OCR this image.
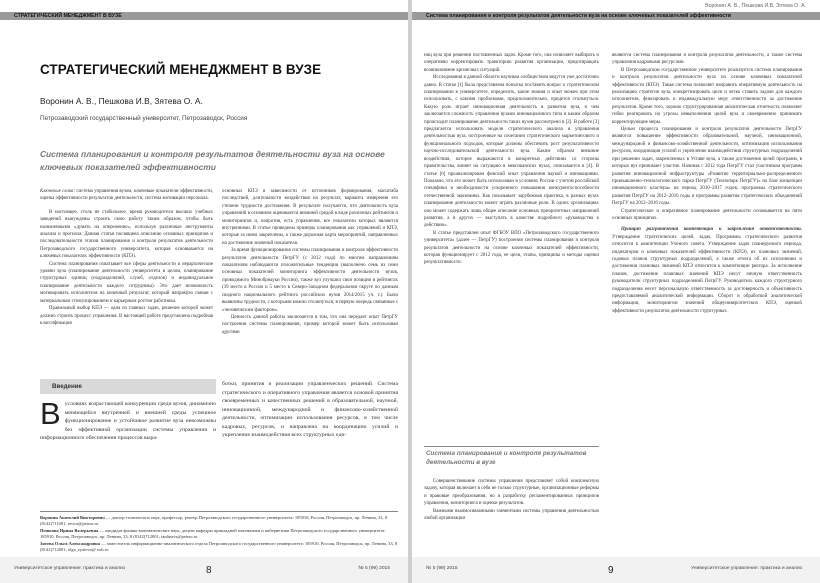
СТРАТЕГИЧЕСКИЙ МЕНЕДЖМЕНТ В ВУЗЕ
СТРАТЕГИЧЕСКИЙ МЕНЕДЖМЕНТ В ВУЗЕ
Воронин А. В., Пешкова И.В, Зятева О. А.
Петрозаводский государственный университет, Петрозаводск, Россия
Система планирования и контроля результатов деятельности вуза на основе ключевых показателей эффективности

Ключевые слова: система управления вузом, ключевые показатели эффективности, оценка эффективности результатов деятельности, система мотивации персонала.

В настоящее, столь не стабильное, время руководители высших учебных заведений вынуждены строить свою работу таким образом, чтобы быть назначенными «думать на опережение», используя различные инструменты анализа и прогноза. Данная статья посвящена описанию основных принципов и последовательности этапов планирования и контроля результатов деятельности Петрозаводского государственного университета, которая основывается на ключевых показателях эффективности (КПЭ).

Система планирования охватывает все сферы деятельности и иерархические уровни вуза (планирование деятельности университета в целом, планирование структурных единиц (подразделений, служб, отделов) и индивидуальное планирование деятельности каждого сотрудника). Это дает возможность мотивировать исполнителя на конечный результат, который напрямую связан с материальным стимулированием и карьерным ростом работника.

Правильный выбор КПЭ — одна из главных задач, решение которой может должно строить процесс управления. В настоящей работе представлена подробная классификация

основных КПЭ в зависимости от источников формирования, масштаба последствий, длительности воздействия на результат, варианта измерения его степени трудности достижения. В результате получается, что деятельность вуза управлений в основном оценивается внешней средой в виде различных рейтингов и мониторингов и, напротив, есть управления, все показатели которых являются внутренними. В статье приведены примеры планирования как управлений и КПЭ, которые за ними закреплены, а также дорожная карта мероприятий, направленных на достижение значений показателя.

За время функционирования системы планирования и контроля эффективности результатов деятельности ПетрГУ (с 2012 года) по многим направлениям показателям наблюдаются положительные тенденции (выполнено семь из семи основных показателей мониторинга эффективности деятельности вузов, проводимого Минобрнауки России), также вуз улучшил свои позиции в рейтингах (39 место в России и 5 место в Северо-Западном федеральном округе по данным сводного национального рейтинга российских вузов 2014/2015 уч. г.). Были выявлены трудности, с которыми можно столкнуться, в первую очередь связанные с «человеческим фактором».

Ценность данной работы заключается в том, что она передает опыт ПетрГУ построения системы планирования, пример которой может быть использован другими

Введение
В условиях возрастающей конкуренции среди вузов, динамично меняющейся внутренней и внешней среды успешное функционирование и устойчивое развитие вуза невозможны без эффективной организации системы управления и информационного обеспечения процессов выра-

ботки, принятия и реализации управленческих решений. Система стратегического и оперативного управления является основой принятия своевременных и качественных решений в образовательной, научной, инновационной, международной и финансово-хозяйственной деятельности, оптимизации использования ресурсов, в том числе кадровых, ресурсов, и направлена на координацию усилий и укрепление взаимодействия всех структурных еди-

Воронин Анатолий Викторович — доктор технических наук, профессор, ректор Петрозаводского государственного университета: 185910, Россия, Петрозаводск, пр. Ленина, 33, 8 (8142)711001; rector@petrsu.ru
Пешкова Ирина Валерьевна — кандидат физико-математических наук, доцент кафедры прикладной математики и кибернетики Петрозаводского государственного университета: 185910, Россия, Петрозаводск, пр. Ленина, 33, 8 (8142)712001; ianlinavs@petrsu.ru
Зятева Ольга Александровна — заместитель информационно-аналитического отдела Петрозаводского государственного университета: 185910, Россия, Петрозаводск, пр. Ленина, 33, 8 (8142)712001; olga_zyateva@ rsdi.ru
Университетское управление: практика и анализ	8	№ 5 (99) 2015
Воронин А. В., Пешкова И.В, Зятева О. А.
Система планирования и контроля результатов деятельности вуза на основе ключевых показателей эффективности

ниц вуза при решении поставленных задач. Кроме того, она позволяет выбирать и оперативно корректировать траекторию развития организации, предотвращать возникновение кризисных ситуаций.

Исследования в данной области научным сообществом ведутся уже достаточно давно. В статье [1] была представлена попытка поставить вопрос о стратегическом планировании в университете, определить, какие знания и опыт можно при этом использовать, с какими проблемами, предположительно, придется столкнуться. Какую роль играет инновационная деятельность в развитии вуза, и чем заключается сложность управления вузами инновационного типа и каким образом происходит планирование деятельности таких вузов рассмотрено в [2]. В работе [3] предлагается использовать модели стратегического анализа и управления деятельностью вуза, построенные на сочетании стратегического маркетингового и функционального подходов, которые должны обеспечить рост результативности научно-исследовательской деятельности вуза. Каким образом внешние воздействия, которое выражаются в конкретных действиях со стороны правительства, влияет на ситуацию в мексиканских вузах, описывается в [4]. В статье [6] проанализирован финский опыт управления наукой и инновациями. Показано, что его может быть использован в условиях России с учетом российской специфики и необходимости ускоренного повышения конкурентоспособности отечественной экономики. Как показывает зарубежная практика, в разных вузах планирование деятельности может играть различные роли. В одних организациях оно может содержать лишь общее описание основных приоритетных направлений развития, а в других — выступать в качестве подробного «руководства к действию».

В статье представлен опыт ФГБОУ ВПО «Петрозаводского государственного университета» (далее — ПетрГУ) построения системы планирования и контроля результатов деятельности на основе ключевых показателей эффективности, которая функционирует с 2012 года, ее цели, этапы, принципы и методы оценки результативности.

Система планирования и контроля результатов деятельности в вузе

Совершенствование системы управления представляет собой комплексную задачу, которая включает в себя не только структурные, организационные реформы и правовые преобразования, но и разработку регламентированных принципов управления, мониторинга и оценки результатов.

Важными взаимосвязанными элементами системы управления деятельностью любой организации

являются система планирования и контроля результатов деятельности, а также система управления кадровыми ресурсами.

В Петрозаводском государственном университете реализуется система планирования и контроля результатов деятельности вуза на основе ключевых показателей эффективности (КПЭ). Такая система позволяет направить оперативную деятельность на реализацию стратегии вуза, конкретизировать цели и четко ставить задачи для каждого исполнителя, фиксировать и индивидуальную меру ответственности за достижение результатов. Кроме того, хорошо структурированная аналитическая отчетность позволяет гибко реагировать на угрозы невыполнения целей вуза и своевременно принимать корректирующие меры.

Целью процесса планирования и контроля результатов деятельности ПетрГУ являются повышение эффективности образовательной, научной, инновационной, международной и финансово-хозяйственной деятельности, оптимизация использования ресурсов, координация усилий и укрепление взаимодействия структурных подразделений при решении задач, закрепленных в Уставе вуза, а также достижения целей программ, в которых вуз принимает участие. Начиная с 2012 года ПетрГУ стал участником программ развития инновационной инфраструктуры «Развитие территориально-распределенного промышленно-технологического парка ПетрГУ (Технопарк ПетрГУ)» на базе концепции инновационного кластера» на период 2010–2017 годов, программы стратегического развития ПетрГУ на 2012–2016 годы и программы развития стратегических объединений ПетрГУ на 2012–2016 годы.

Стратегическое и оперативное планирование деятельности основывается на пяти основных принципах.

Принцип разграничения компетенции и закрепления ответственности. Утверждение стратегических целей, задач, Программы стратегического развития относится к компетенции Ученого совета. Утверждение задач планируемого периода, индикаторов и ключевых показателей эффективности (КПЭ), их плановых значений, годовых планов структурных подразделений, а также отчета об их исполнении и достижении плановых значений КПЭ относится к компетенции ректора. За исполнение планов, достижение плановых значений КПЭ несут личную ответственность руководители структурных подразделений ПетрГУ. Руководитель каждого структурного подразделения несет персональную ответственность за достоверность и объективность предоставляемой аналитической информации. Сборот и обработкой аналитической информации, мониторингом значений общеуниверситетских КПЭ, оценкой эффективности результатов деятельности структурных

№ 5 (99) 2015	9	Университетское управление: практика и анализ
